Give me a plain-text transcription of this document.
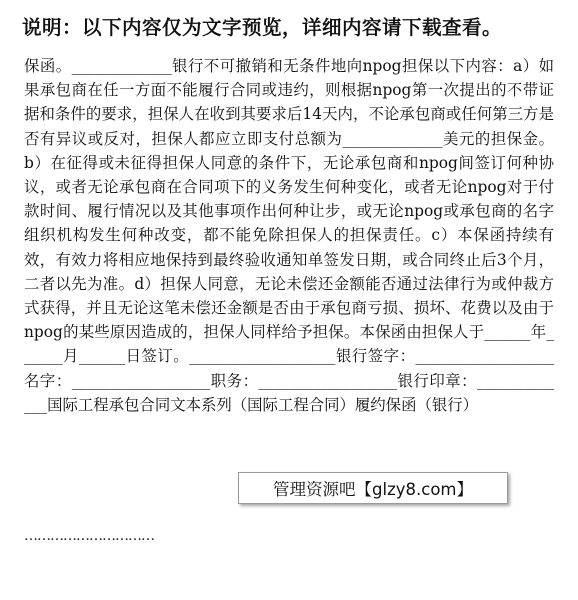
说明：以下内容仅为文字预览，详细内容请下载查看。
保函。_____________银行不可撤销和无条件地向npog担保以下内容：a）如果承包商在任一方面不能履行合同或违约，则根据npog第一次提出的不带证据和条件的要求，担保人在收到其要求后14天内，不论承包商或任何第三方是否有异议或反对，担保人都应立即支付总额为_____________美元的担保金。b）在征得或未征得担保人同意的条件下，无论承包商和npog间签订何种协议，或者无论承包商在合同项下的义务发生何种变化，或者无论npog对于付款时间、履行情况以及其他事项作出何种让步，或无论npog或承包商的名字组织机构发生何种改变，都不能免除担保人的担保责任。c）本保函持续有效，有效力将相应地保持到最终验收通知单签发日期，或合同终止后3个月，二者以先为准。d）担保人同意，无论未偿还金额能否通过法律行为或仲裁方式获得，并且无论这笔未偿还金额是否由于承包商亏损、损坏、花费以及由于npog的某些原因造成的，担保人同样给予担保。本保函由担保人于______年______月______日签订。___________________银行签字：__________________名字：__________________职务：__________________银行印章：_____________国际工程承包合同文本系列（国际工程合同）履约保函（银行）
…………………………
管理资源吧【glzy8.com】
